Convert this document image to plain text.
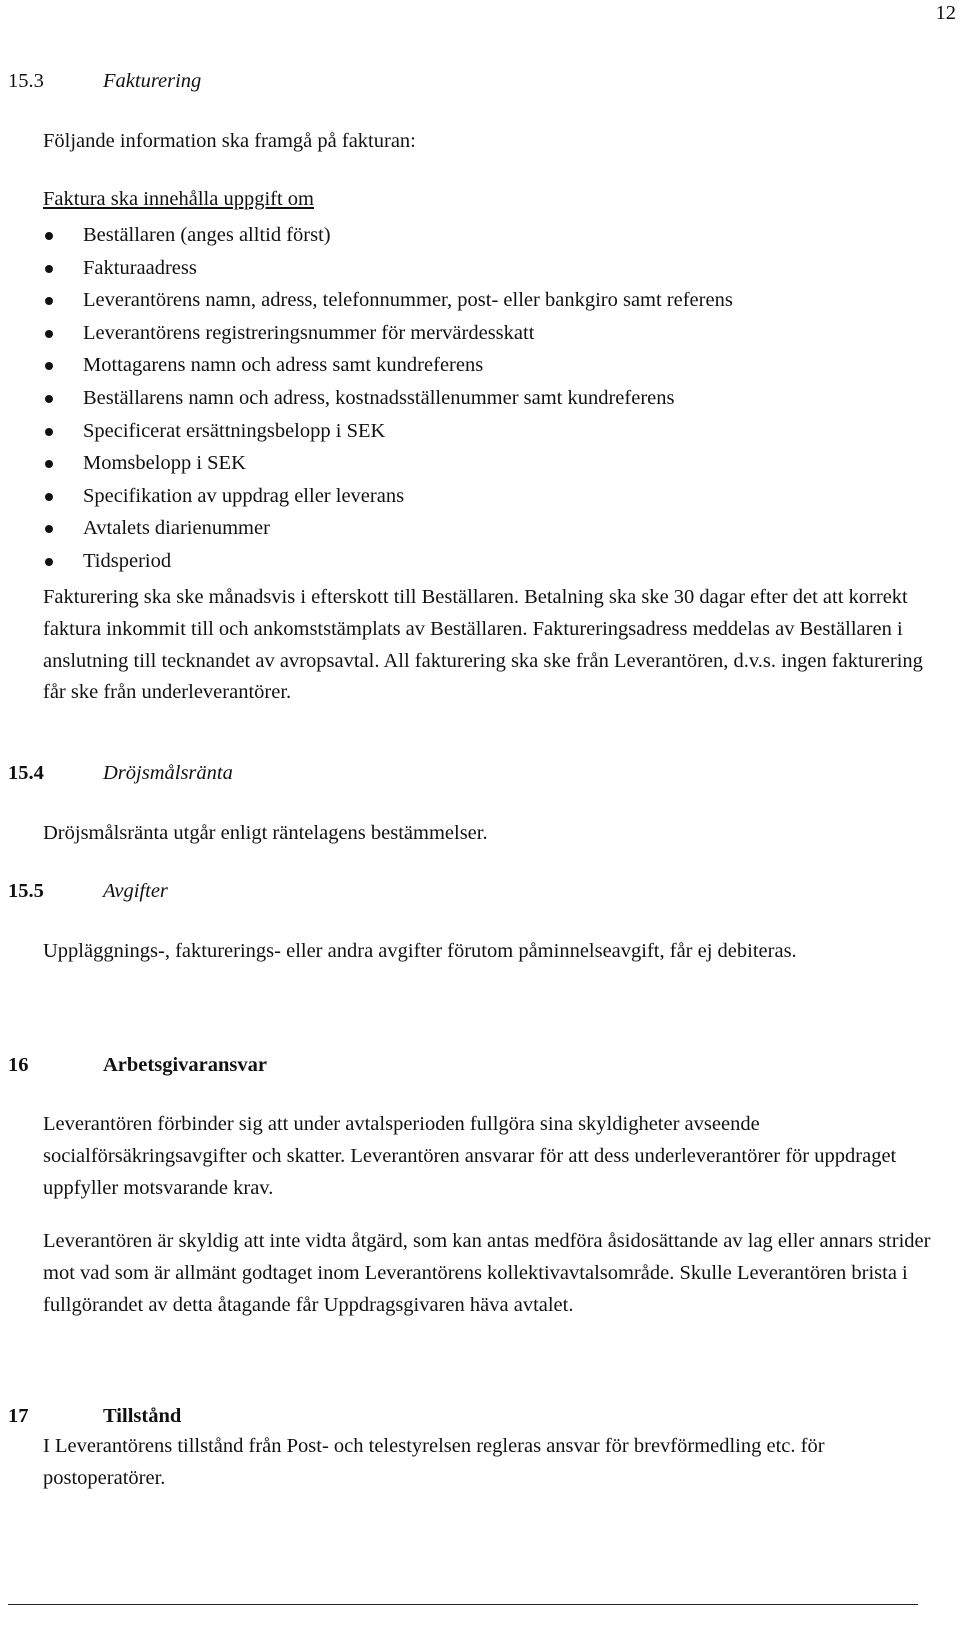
12
15.3	Fakturering
Följande information ska framgå på fakturan:
Faktura ska innehålla uppgift om
Beställaren (anges alltid först)
Fakturaadress
Leverantörens namn, adress, telefonnummer, post- eller bankgiro samt referens
Leverantörens registreringsnummer för mervärdesskatt
Mottagarens namn och adress samt kundreferens
Beställarens namn och adress, kostnadsställenummer samt kundreferens
Specificerat ersättningsbelopp i SEK
Momsbelopp i SEK
Specifikation av uppdrag eller leverans
Avtalets diarienummer
Tidsperiod
Fakturering ska ske månadsvis i efterskott till Beställaren. Betalning ska ske 30 dagar efter det att korrekt faktura inkommit till och ankomststämplats av Beställaren. Faktureringsadress meddelas av Beställaren i anslutning till tecknandet av avropsavtal. All fakturering ska ske från Leverantören, d.v.s. ingen fakturering får ske från underleverantörer.
15.4	Dröjsmålsränta
Dröjsmålsränta utgår enligt räntelagens bestämmelser.
15.5	Avgifter
Uppläggnings-, fakturerings- eller andra avgifter förutom påminnelseavgift, får ej debiteras.
16	Arbetsgivaransvar
Leverantören förbinder sig att under avtalsperioden fullgöra sina skyldigheter avseende socialförsäkringsavgifter och skatter. Leverantören ansvarar för att dess underleverantörer för uppdraget uppfyller motsvarande krav.
Leverantören är skyldig att inte vidta åtgärd, som kan antas medföra åsidosättande av lag eller annars strider mot vad som är allmänt godtaget inom Leverantörens kollektivavtalsområde. Skulle Leverantören brista i fullgörandet av detta åtagande får Uppdragsgivaren häva avtalet.
17	Tillstånd
I Leverantörens tillstånd från Post- och telestyrelsen regleras ansvar för brevförmedling etc. för postoperatörer.
